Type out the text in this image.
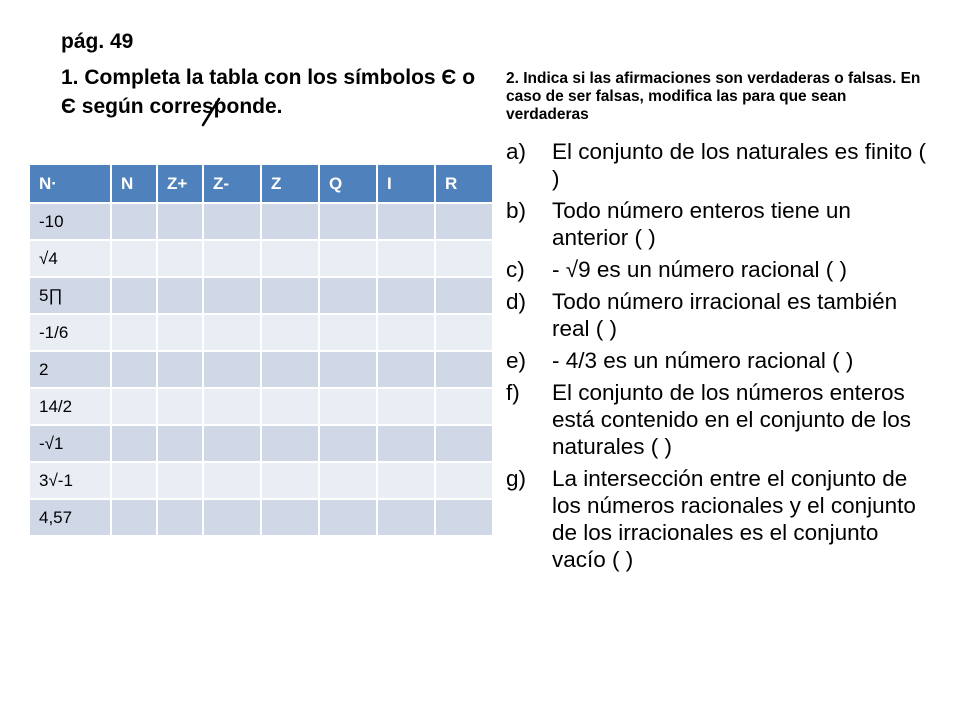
pág. 49
1. Completa la tabla con los símbolos Є o Є según corresponde.
2. Indica si las afirmaciones son verdaderas o falsas. En caso de ser falsas, modifica las para que sean verdaderas
N·	N	Z+	Z-	Z	Q	I	R
-10							
√4							
5∏							
-1/6							
2							
14/2							
-√1							
3√-1							
4,57							
a)	El conjunto de los naturales es finito ( )
b)	Todo número enteros tiene un anterior ( )
c)	- √9 es un número racional ( )
d)	Todo número irracional es también real ( )
e)	- 4/3 es un número racional ( )
f)	El conjunto de los números enteros está contenido en el conjunto de los naturales ( )
g)	La intersección entre el conjunto de los números racionales y el conjunto de los irracionales es el conjunto vacío ( )
